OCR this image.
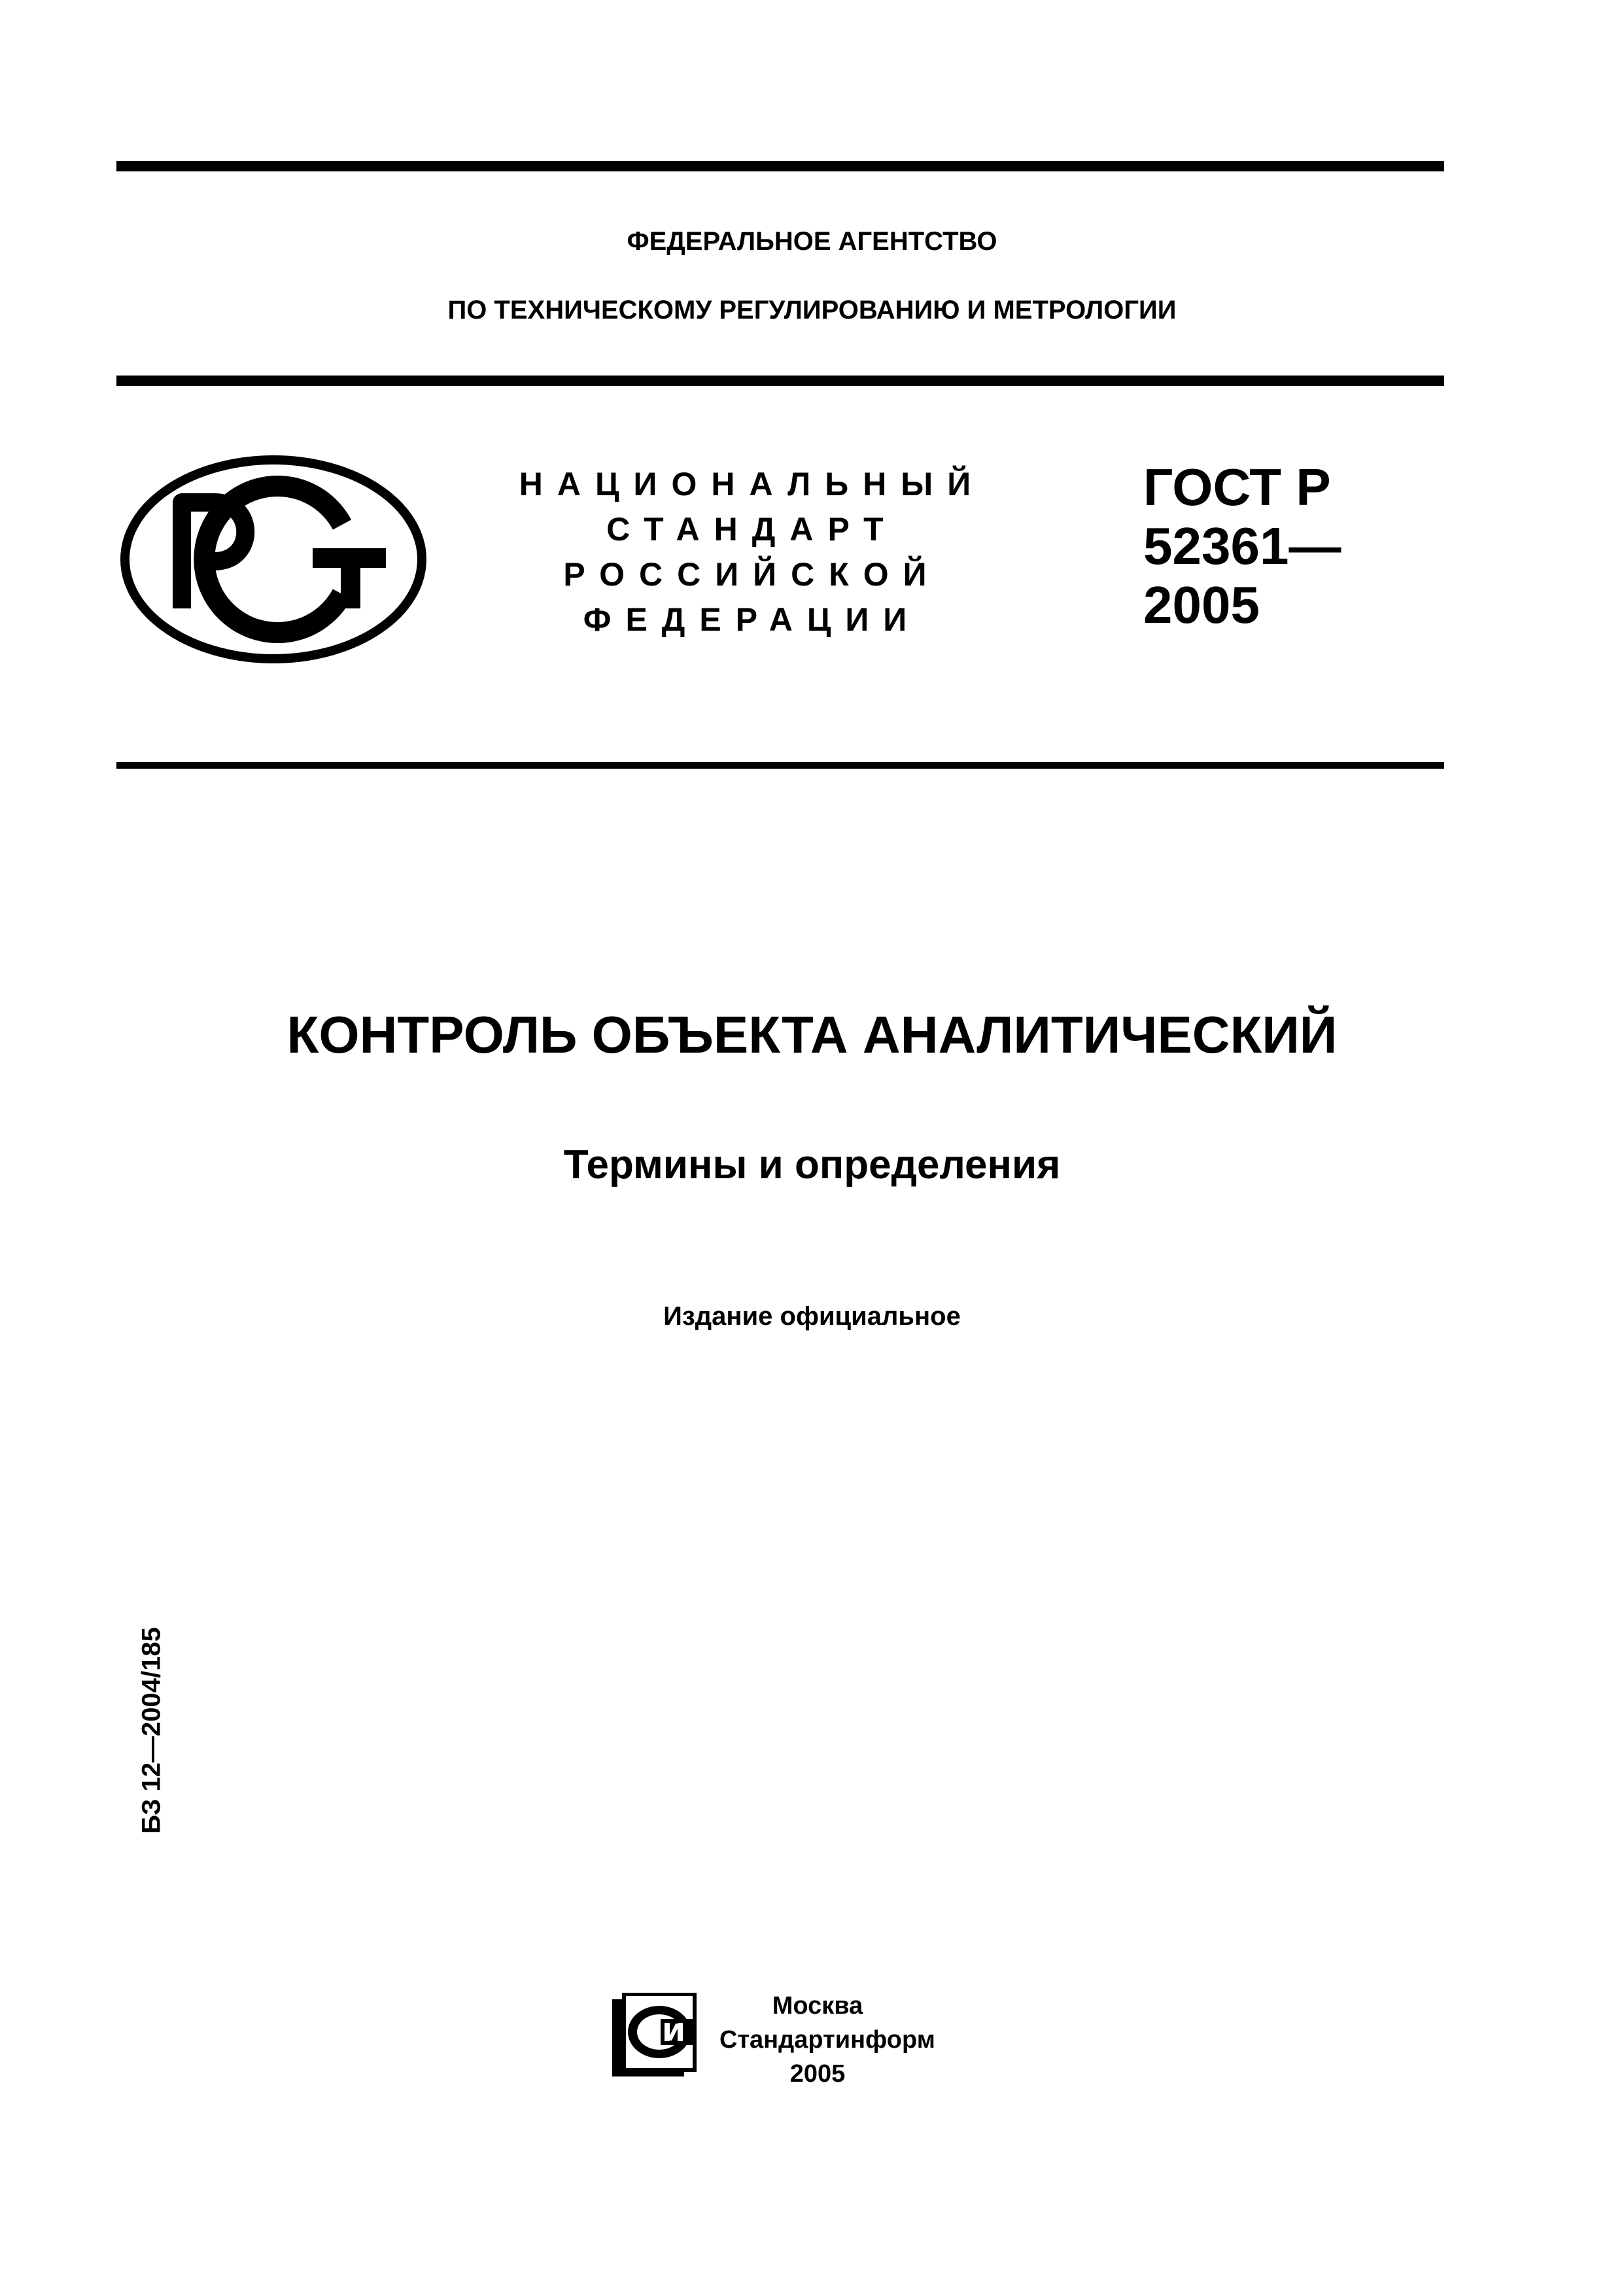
ФЕДЕРАЛЬНОЕ АГЕНТСТВО
ПО ТЕХНИЧЕСКОМУ РЕГУЛИРОВАНИЮ И МЕТРОЛОГИИ
НАЦИОНАЛЬНЫЙ
СТАНДАРТ
РОССИЙСКОЙ
ФЕДЕРАЦИИ
ГОСТ Р
52361—
2005
КОНТРОЛЬ ОБЪЕКТА АНАЛИТИЧЕСКИЙ
Термины и определения
Издание официальное
БЗ 12—2004/185
Москва
Стандартинформ
2005
